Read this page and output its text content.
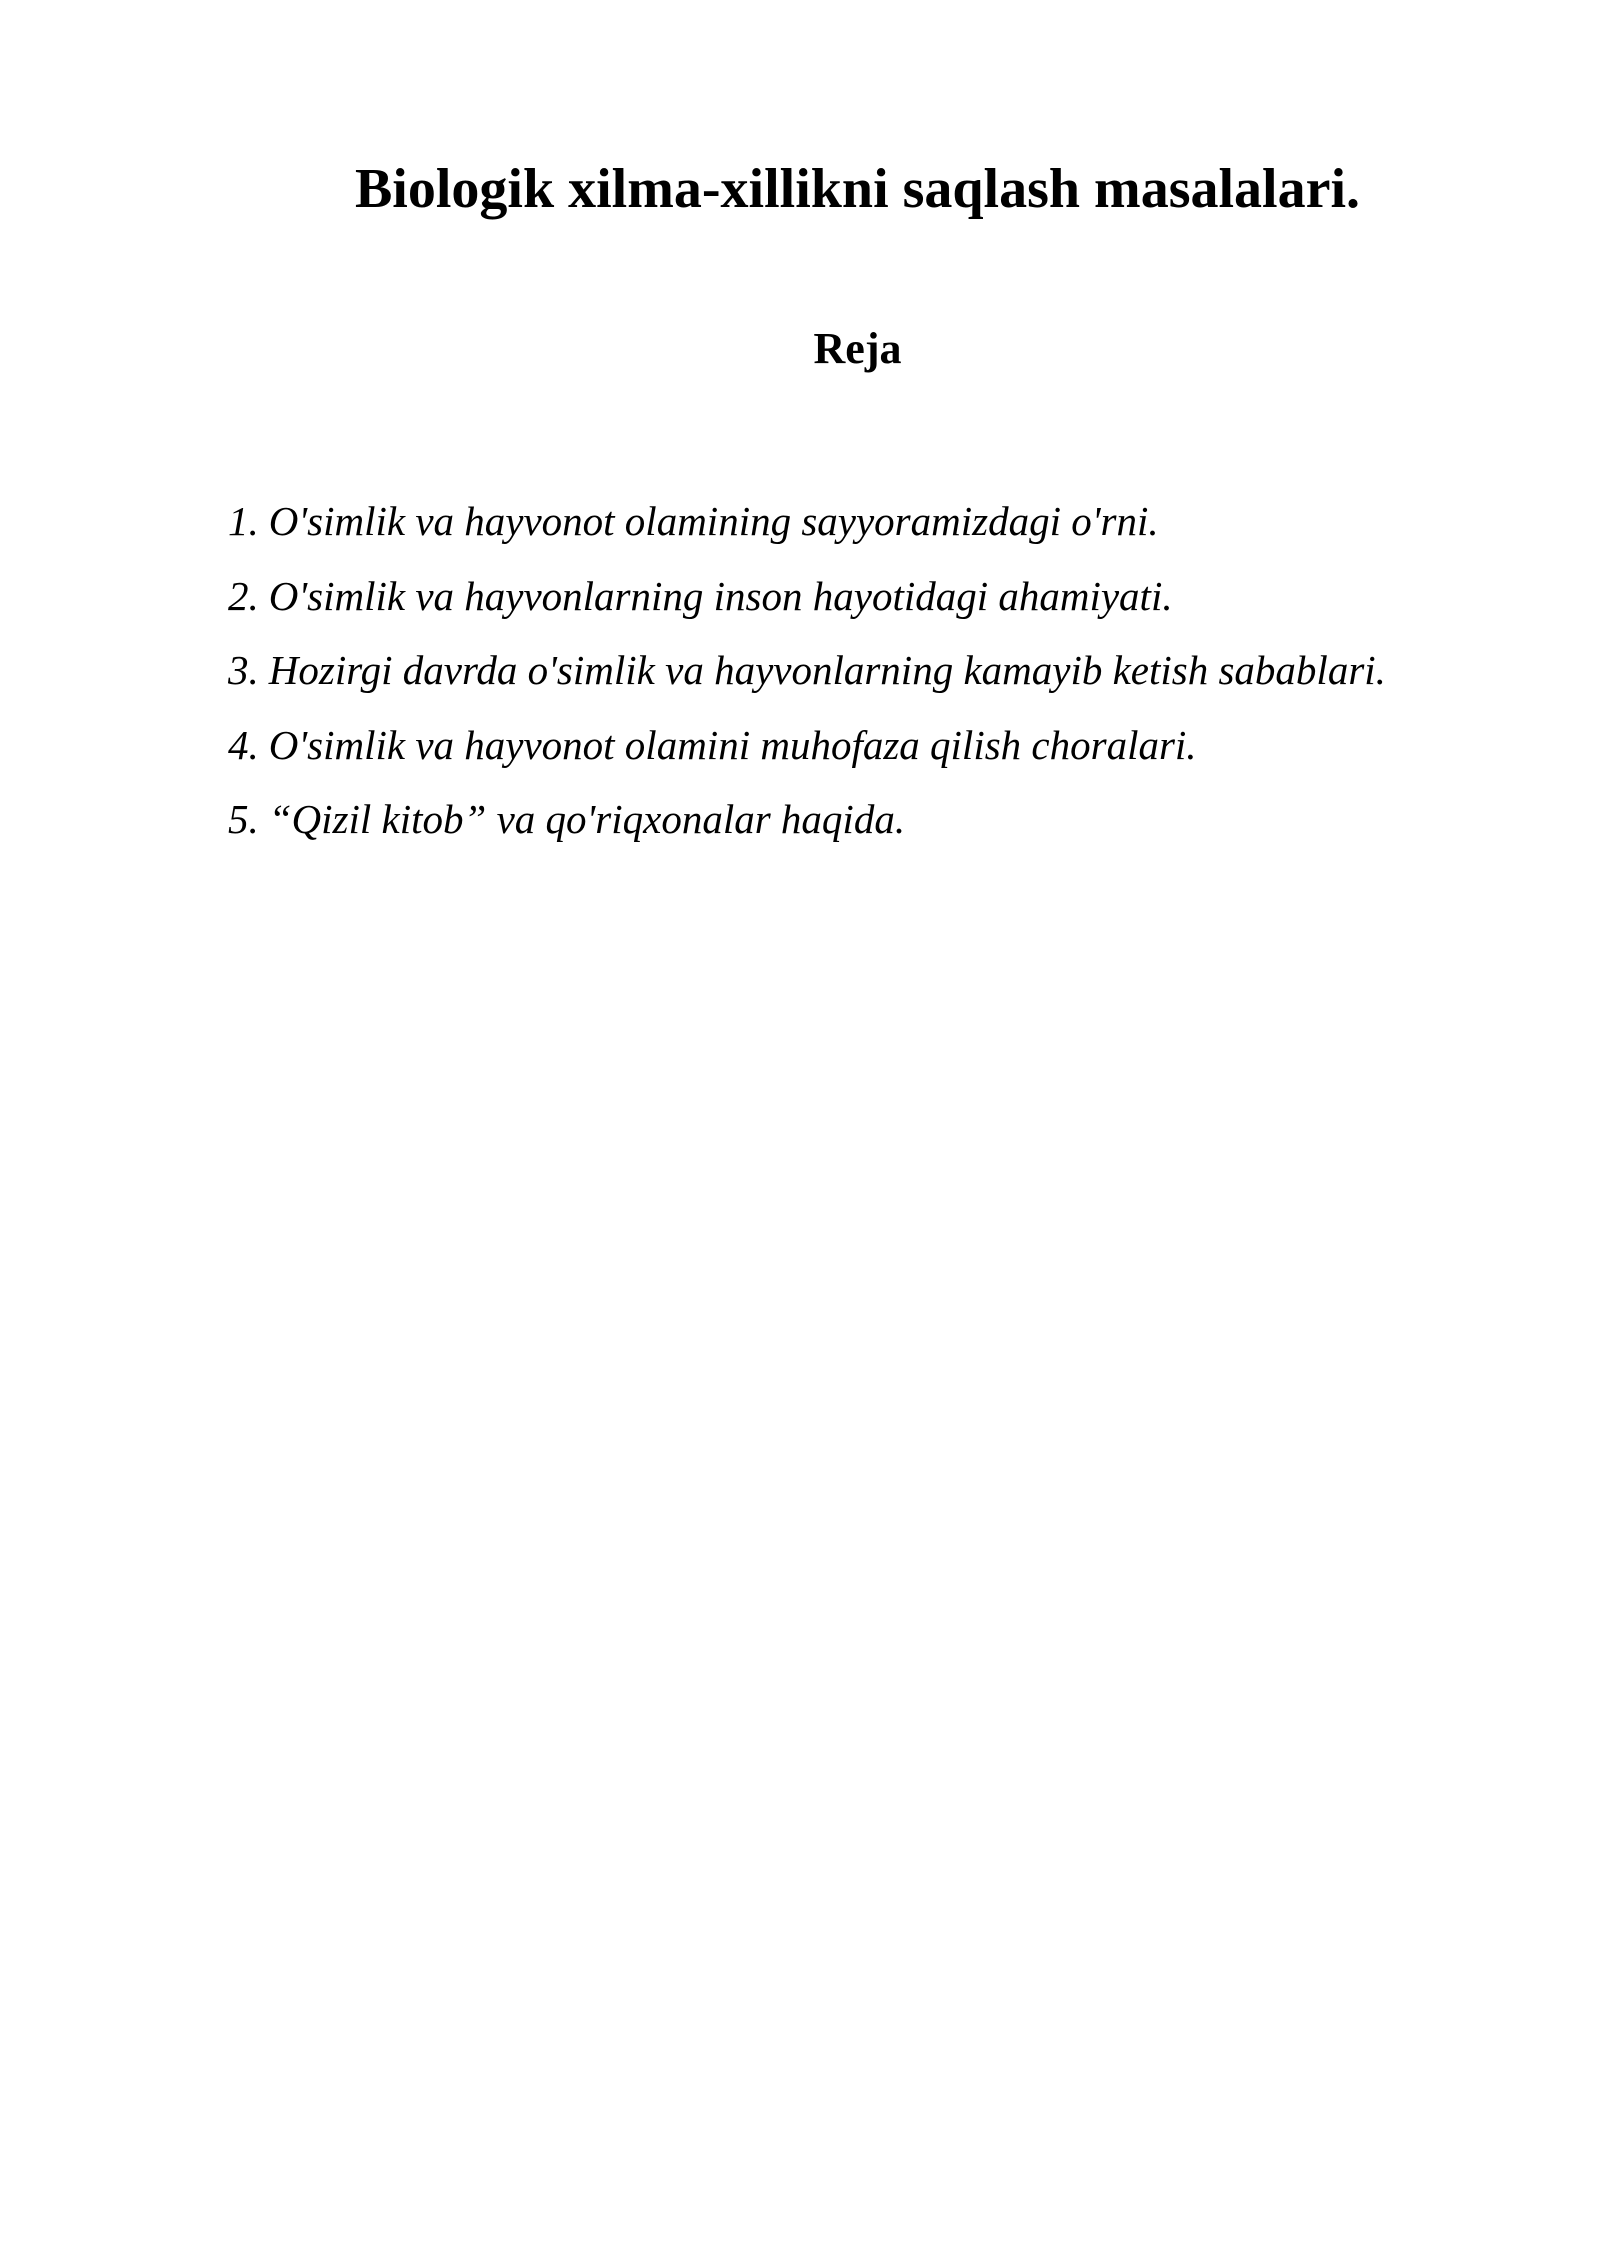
Biologik xilma-xillikni saqlash masalalari.
Reja
1. O'simlik va hayvonot olamining sayyoramizdagi o'rni.
2. O'simlik va hayvonlarning inson hayotidagi ahamiyati.
3. Hozirgi davrda o'simlik va hayvonlarning kamayib ketish sabablari.
4. O'simlik va hayvonot olamini muhofaza qilish choralari.
5. “Qizil kitob” va qo'riqxonalar haqida.
